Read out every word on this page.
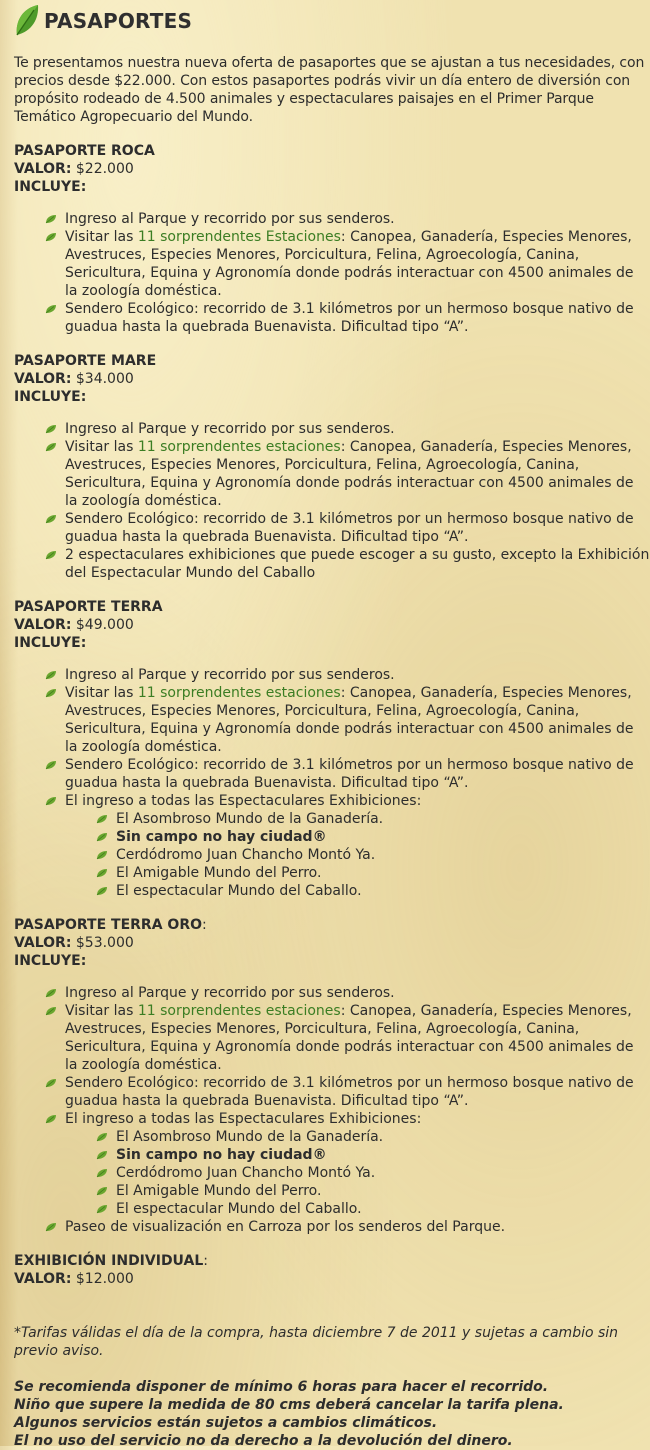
PASAPORTES
Te presentamos nuestra nueva oferta de pasaportes que se ajustan a tus necesidades, con precios desde $22.000. Con estos pasaportes podrás vivir un día entero de diversión con propósito rodeado de 4.500 animales y espectaculares paisajes en el Primer Parque Temático Agropecuario del Mundo.
PASAPORTE ROCA
VALOR: $22.000
INCLUYE:
Ingreso al Parque y recorrido por sus senderos.
Visitar las 11 sorprendentes Estaciones: Canopea, Ganadería, Especies Menores, Avestruces, Especies Menores, Porcicultura, Felina, Agroecología, Canina, Sericultura, Equina y Agronomía donde podrás interactuar con 4500 animales de la zoología doméstica.
Sendero Ecológico: recorrido de 3.1 kilómetros por un hermoso bosque nativo de guadua hasta la quebrada Buenavista. Dificultad tipo “A”.
PASAPORTE MARE
VALOR: $34.000
INCLUYE:
Ingreso al Parque y recorrido por sus senderos.
Visitar las 11 sorprendentes estaciones: Canopea, Ganadería, Especies Menores, Avestruces, Especies Menores, Porcicultura, Felina, Agroecología, Canina, Sericultura, Equina y Agronomía donde podrás interactuar con 4500 animales de la zoología doméstica.
Sendero Ecológico: recorrido de 3.1 kilómetros por un hermoso bosque nativo de guadua hasta la quebrada Buenavista. Dificultad tipo “A”.
2 espectaculares exhibiciones que puede escoger a su gusto, excepto la Exhibición del Espectacular Mundo del Caballo
PASAPORTE TERRA
VALOR: $49.000
INCLUYE:
Ingreso al Parque y recorrido por sus senderos.
Visitar las 11 sorprendentes estaciones: Canopea, Ganadería, Especies Menores, Avestruces, Especies Menores, Porcicultura, Felina, Agroecología, Canina, Sericultura, Equina y Agronomía donde podrás interactuar con 4500 animales de la zoología doméstica.
Sendero Ecológico: recorrido de 3.1 kilómetros por un hermoso bosque nativo de guadua hasta la quebrada Buenavista. Dificultad tipo “A”.
El ingreso a todas las Espectaculares Exhibiciones:
El Asombroso Mundo de la Ganadería.
Sin campo no hay ciudad®
Cerdódromo Juan Chancho Montó Ya.
El Amigable Mundo del Perro.
El espectacular Mundo del Caballo.
PASAPORTE TERRA ORO:
VALOR: $53.000
INCLUYE:
Ingreso al Parque y recorrido por sus senderos.
Visitar las 11 sorprendentes estaciones: Canopea, Ganadería, Especies Menores, Avestruces, Especies Menores, Porcicultura, Felina, Agroecología, Canina, Sericultura, Equina y Agronomía donde podrás interactuar con 4500 animales de la zoología doméstica.
Sendero Ecológico: recorrido de 3.1 kilómetros por un hermoso bosque nativo de guadua hasta la quebrada Buenavista. Dificultad tipo “A”.
El ingreso a todas las Espectaculares Exhibiciones:
El Asombroso Mundo de la Ganadería.
Sin campo no hay ciudad®
Cerdódromo Juan Chancho Montó Ya.
El Amigable Mundo del Perro.
El espectacular Mundo del Caballo.
Paseo de visualización en Carroza por los senderos del Parque.
EXHIBICIÓN INDIVIDUAL:
VALOR: $12.000
*Tarifas válidas el día de la compra, hasta diciembre 7 de 2011 y sujetas a cambio sin previo aviso.
Se recomienda disponer de mínimo 6 horas para hacer el recorrido.
Niño que supere la medida de 80 cms deberá cancelar la tarifa plena.
Algunos servicios están sujetos a cambios climáticos.
El no uso del servicio no da derecho a la devolución del dinero.
